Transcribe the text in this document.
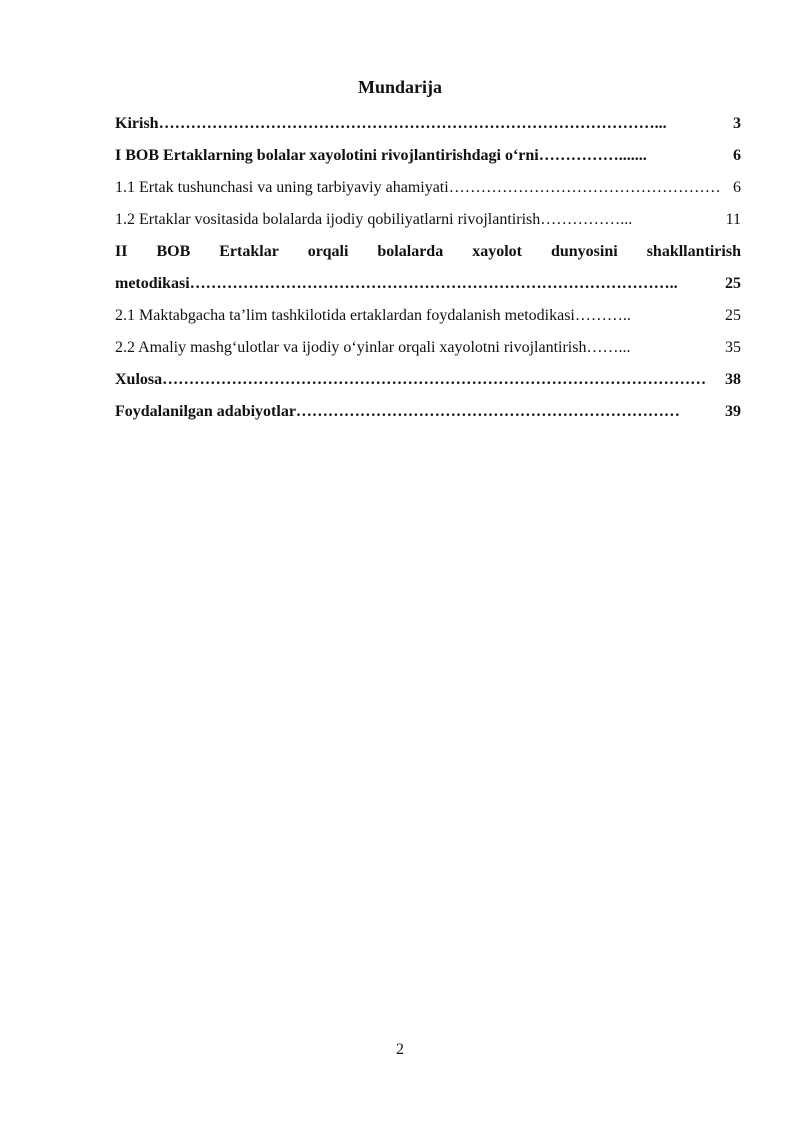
Mundarija
Kirish …………………………………………………………………………………...	3
I BOB Ertaklarning bolalar xayolotini rivojlantirishdagi o‘rni …………….......	6
1.1 Ertak tushunchasi va uning tarbiyaviy ahamiyati …………………………………………… 6
1.2 Ertaklar vositasida bolalarda ijodiy qobiliyatlarni rivojlantirish ……………...	11
II BOB Ertaklar orqali bolalarda xayolot dunyosini shakllantirish
metodikasi ………………………………………………………………………………..	25
2.1 Maktabgacha ta’lim tashkilotida ertaklardan foydalanish metodikasi ………..	25
2.2 Amaliy mashg‘ulotlar va ijodiy o‘yinlar orqali xayolotni rivojlantirish ……...	35
Xulosa …………………………………………………………………………………………	38
Foydalanilgan adabiyotlar ………………………………………………………………	39
2
